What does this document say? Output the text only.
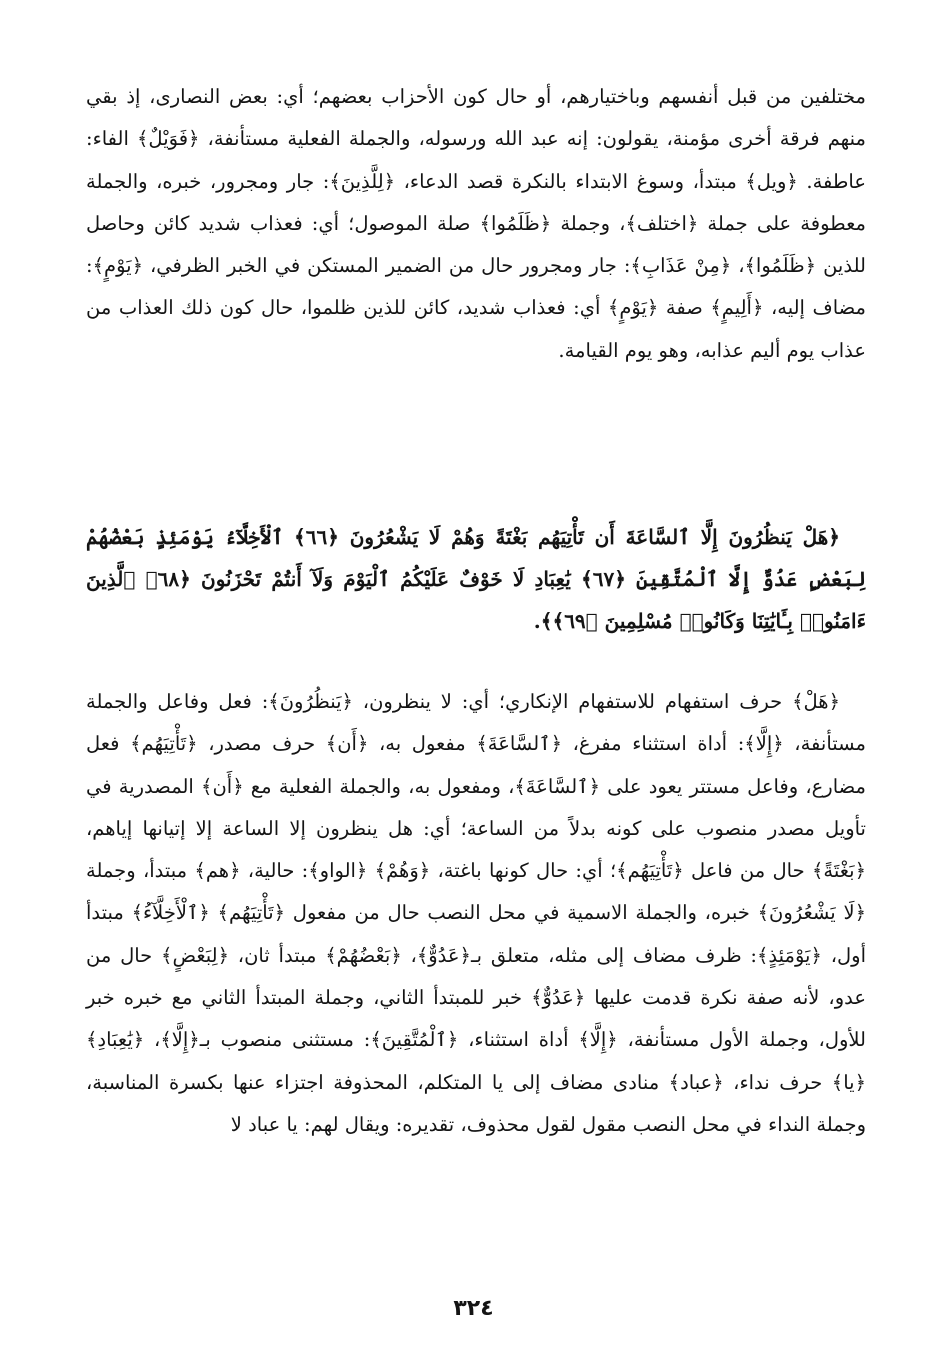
مختلفين من قبل أنفسهم وباختيارهم، أو حال كون الأحزاب بعضهم؛ أي: بعض النصارى، إذ بقي منهم فرقة أخرى مؤمنة، يقولون: إنه عبد الله ورسوله، والجملة الفعلية مستأنفة، ﴿فَوَيْلٌ﴾ الفاء: عاطفة. ﴿ويل﴾ مبتدأ، وسوغ الابتداء بالنكرة قصد الدعاء، ﴿لِلَّذِينَ﴾: جار ومجرور، خبره، والجملة معطوفة على جملة ﴿اختلف﴾، وجملة ﴿ظَلَمُوا﴾ صلة الموصول؛ أي: فعذاب شديد كائن وحاصل للذين ﴿ظَلَمُوا﴾، ﴿مِنْ عَذَابِ﴾: جار ومجرور حال من الضمير المستكن في الخبر الظرفي، ﴿يَوْمٍ﴾: مضاف إليه، ﴿أَلِيمٍ﴾ صفة ﴿يَوْمٍ﴾ أي: فعذاب شديد، كائن للذين ظلموا، حال كون ذلك العذاب من عذاب يوم أليم عذابه، وهو يوم القيامة.

﴿هَلْ يَنظُرُونَ إِلَّا ٱلسَّاعَةَ أَن تَأْتِيَهُم بَغْتَةً وَهُمْ لَا يَشْعُرُونَ ﴿٦٦﴾ ٱلْأَخِلَّآءُ يَوْمَئِذٍ بَعْضُهُمْ لِبَعْضٍ عَدُوٌّ إِلَّا ٱلْمُتَّقِينَ ﴿٦٧﴾ يَٰعِبَادِ لَا خَوْفٌ عَلَيْكُمُ ٱلْيَوْمَ وَلَآ أَنتُمْ تَحْزَنُونَ ﴿٦٨﴾ ٱلَّذِينَ ءَامَنُوا۟ بِـَٔايَٰتِنَا وَكَانُوا۟ مُسْلِمِينَ ﴿٦٩﴾﴾.

﴿هَلْ﴾ حرف استفهام للاستفهام الإنكاري؛ أي: لا ينظرون، ﴿يَنظُرُونَ﴾: فعل وفاعل والجملة مستأنفة، ﴿إِلَّا﴾: أداة استثناء مفرغ، ﴿ٱلسَّاعَةَ﴾ مفعول به، ﴿أَن﴾ حرف مصدر، ﴿تَأْتِيَهُم﴾ فعل مضارع، وفاعل مستتر يعود على ﴿ٱلسَّاعَةَ﴾، ومفعول به، والجملة الفعلية مع ﴿أَن﴾ المصدرية في تأويل مصدر منصوب على كونه بدلاً من الساعة؛ أي: هل ينظرون إلا الساعة إلا إتيانها إياهم، ﴿بَغْتَةً﴾ حال من فاعل ﴿تَأْتِيَهُم﴾؛ أي: حال كونها باغتة، ﴿وَهُمْ﴾ ﴿الواو﴾: حالية، ﴿هم﴾ مبتدأ، وجملة ﴿لَا يَشْعُرُونَ﴾ خبره، والجملة الاسمية في محل النصب حال من مفعول ﴿تَأْتِيَهُم﴾ ﴿ٱلْأَخِلَّآءُ﴾ مبتدأ أول، ﴿يَوْمَئِذٍ﴾: ظرف مضاف إلى مثله، متعلق بـ﴿عَدُوٌّ﴾، ﴿بَعْضُهُمْ﴾ مبتدأ ثان، ﴿لِبَعْضٍ﴾ حال من عدو، لأنه صفة نكرة قدمت عليها ﴿عَدُوٌّ﴾ خبر للمبتدأ الثاني، وجملة المبتدأ الثاني مع خبره خبر للأول، وجملة الأول مستأنفة، ﴿إِلَّا﴾ أداة استثناء، ﴿ٱلْمُتَّقِينَ﴾: مستثنى منصوب بـ﴿إِلَّا﴾، ﴿يَٰعِبَادِ﴾ ﴿يا﴾ حرف نداء، ﴿عباد﴾ منادى مضاف إلى يا المتكلم، المحذوفة اجتزاء عنها بكسرة المناسبة، وجملة النداء في محل النصب مقول لقول محذوف، تقديره: ويقال لهم: يا عباد لا

٣٢٤
